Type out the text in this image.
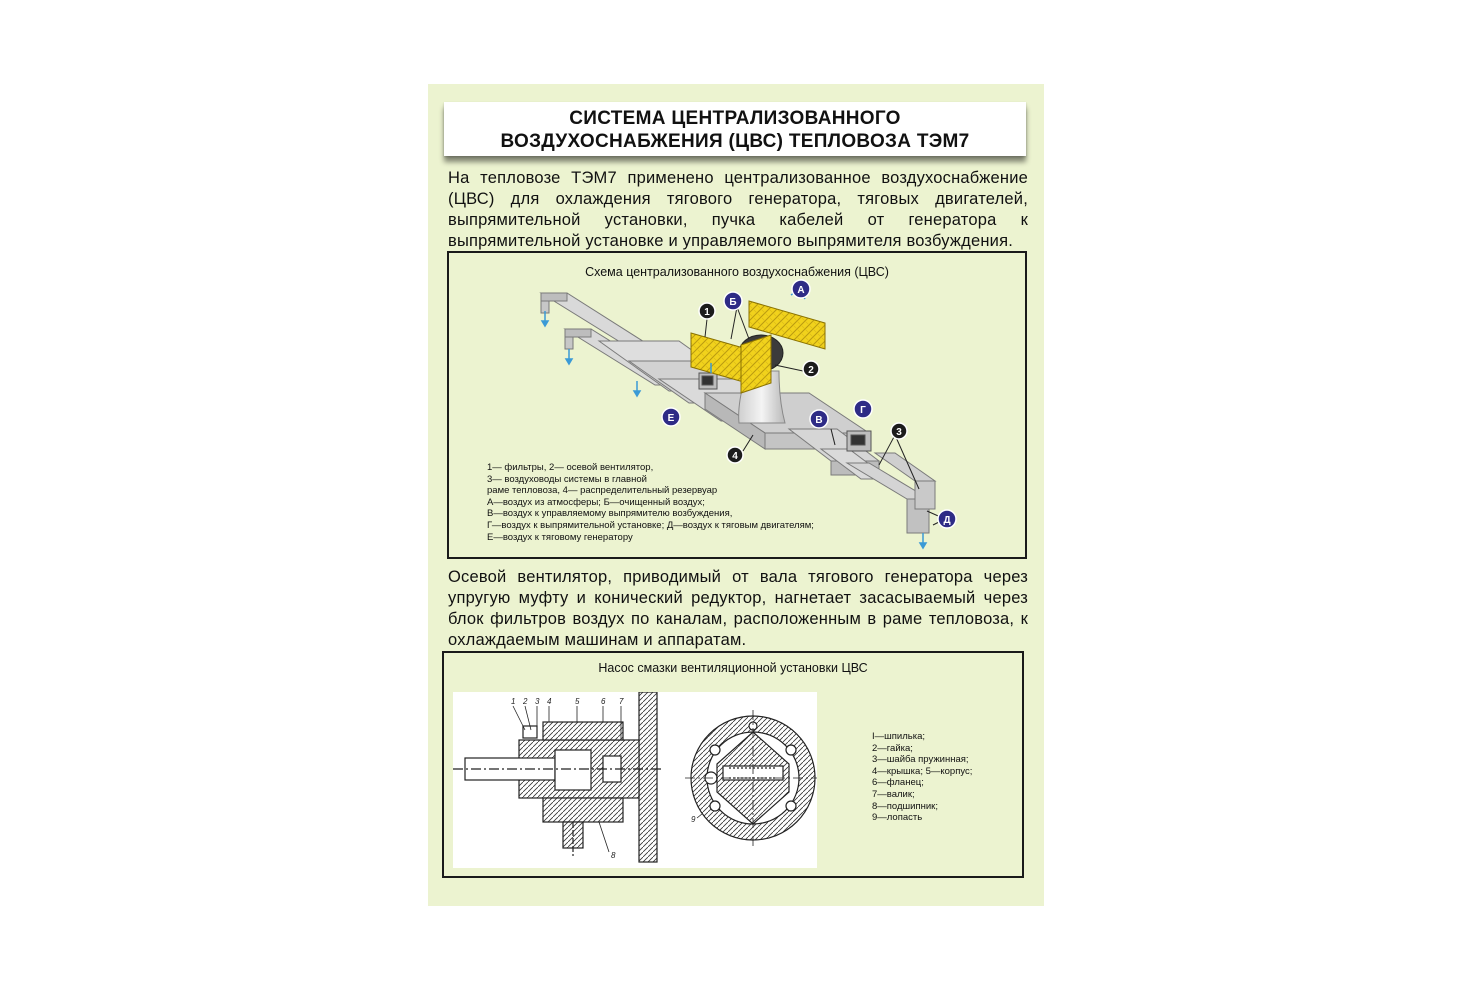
СИСТЕМА ЦЕНТРАЛИЗОВАННОГО
ВОЗДУХОСНАБЖЕНИЯ (ЦВС) ТЕПЛОВОЗА ТЭМ7
На тепловозе ТЭМ7 применено централизованное воздухоснабжение (ЦВС) для охлаждения тягового генератора, тяговых двигателей, выпрямительной установки, пучка кабелей от генератора к выпрямительной установке и управляемого выпрямителя возбуждения.
Схема централизованного воздухоснабжения (ЦВС)
1
2
3
4
А
Б
В
Г
Д
Е
1— фильтры, 2— осевой вентилятор,
3— воздуховоды системы в главной
раме тепловоза, 4— распределительный резервуар
А—воздух из атмосферы; Б—очищенный воздух;
В—воздух к управляемому выпрямителю возбуждения,
Г—воздух к выпрямительной установке; Д—воздух к тяговым двигателям;
Е—воздух к тяговому генератору
Осевой вентилятор, приводимый от вала тягового генератора через упругую муфту и конический редуктор, нагнетает засасываемый через блок фильтров воздух по каналам, расположенным в раме тепловоза, к охлаждаемым машинам и аппаратам.
Насос смазки вентиляционной установки ЦВС
1 2 3 4	5	6 7
8
9
I—шпилька;
2—гайка;
3—шайба пружинная;
4—крышка; 5—корпус;
6—фланец;
7—валик;
8—подшипник;
9—лопасть
